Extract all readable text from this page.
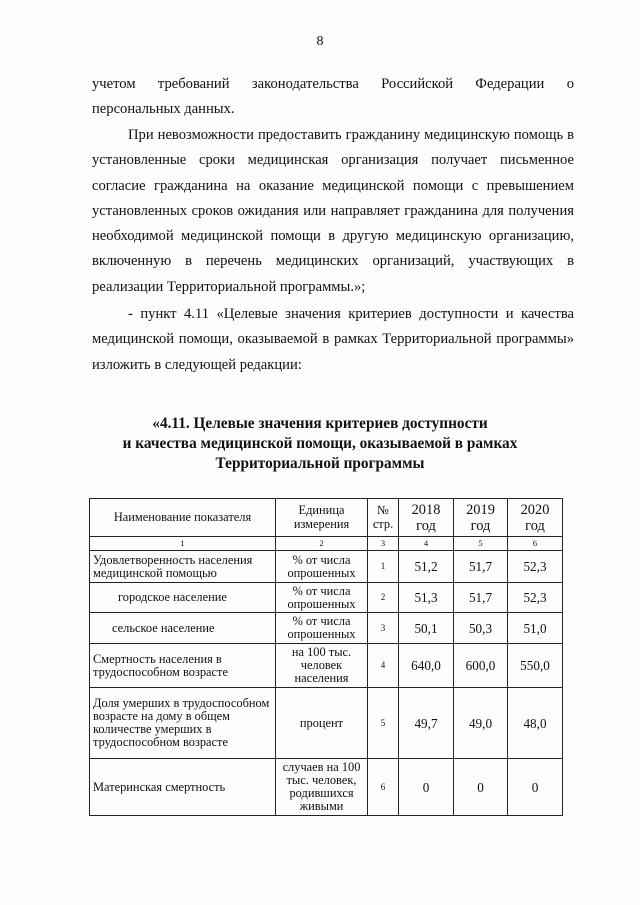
8

учетом требований законодательства Российской Федерации о

персональных данных.

При невозможности предоставить гражданину медицинскую помощь в установленные сроки медицинская организация получает письменное согласие гражданина на оказание медицинской помощи с превышением установленных сроков ожидания или направляет гражданина для получения необходимой медицинской помощи в другую медицинскую организацию, включенную в перечень медицинских организаций, участвующих в реализации Территориальной программы.»;

- пункт 4.11 «Целевые значения критериев доступности и качества медицинской помощи, оказываемой в рамках Территориальной программы» изложить в следующей редакции:

«4.11. Целевые значения критериев доступности
и качества медицинской помощи, оказываемой в рамках
Территориальной программы
Наименование показателя	Единица измерения	№ стр.	2018 год	2019 год	2020 год
1	2	3	4	5	6
Удовлетворенность населения медицинской помощью	% от числа опрошенных	1	51,2	51,7	52,3
городское население	% от числа опрошенных	2	51,3	51,7	52,3
сельское население	% от числа опрошенных	3	50,1	50,3	51,0
Смертность населения в трудоспособном возрасте	на 100 тыс. человек населения	4	640,0	600,0	550,0
Доля умерших в трудоспособном возрасте на дому в общем количестве умерших в трудоспособном возрасте	процент	5	49,7	49,0	48,0
Материнская смертность	случаев на 100 тыс. человек, родившихся живыми	6	0	0	0
